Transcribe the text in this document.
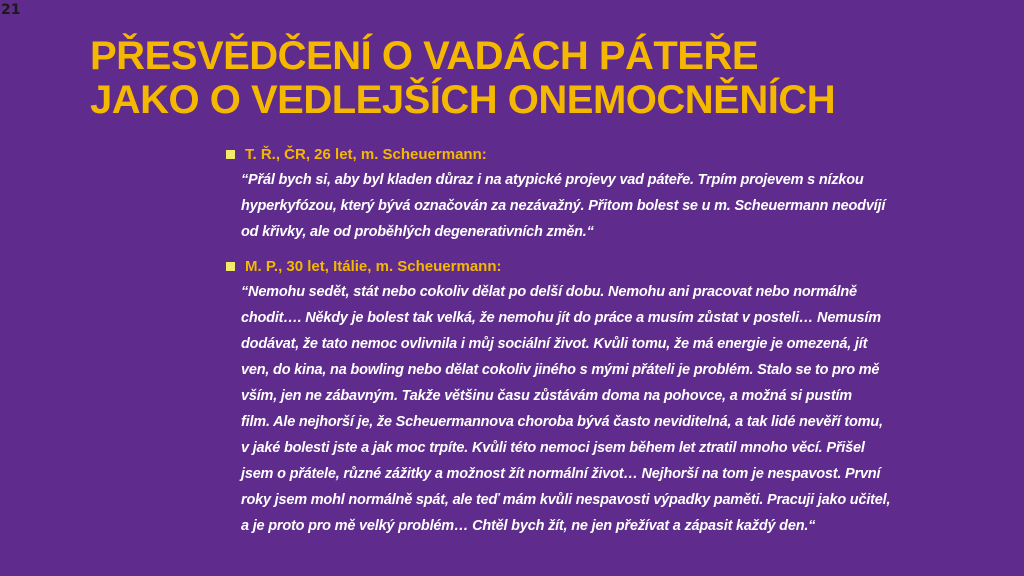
21
PŘESVĚDČENÍ O VADÁCH PÁTEŘE
JAKO O VEDLEJŠÍCH ONEMOCNĚNÍCH
T. Ř., ČR, 26 let, m. Scheuermann:

“Přál bych si, aby byl kladen důraz i na atypické projevy vad páteře. Trpím projevem s nízkou
hyperkyfózou, který bývá označován za nezávažný. Přitom bolest se u m. Scheuermann neodvíjí
od křivky, ale od proběhlých degenerativních změn.“

M. P., 30 let, Itálie, m. Scheuermann:

“Nemohu sedět, stát nebo cokoliv dělat po delší dobu. Nemohu ani pracovat nebo normálně
chodit…. Někdy je bolest tak velká, že nemohu jít do práce a musím zůstat v posteli… Nemusím
dodávat, že tato nemoc ovlivnila i můj sociální život. Kvůli tomu, že má energie je omezená, jít
ven, do kina, na bowling nebo dělat cokoliv jiného s mými přáteli je problém. Stalo se to pro mě
vším, jen ne zábavným. Takže většinu času zůstávám doma na pohovce, a možná si pustím
film. Ale nejhorší je, že Scheuermannova choroba bývá často neviditelná, a tak lidé nevěří tomu,
v jaké bolesti jste a jak moc trpíte. Kvůli této nemoci jsem během let ztratil mnoho věcí. Přišel
jsem o přátele, různé zážitky a možnost žít normální život… Nejhorší na tom je nespavost. První
roky jsem mohl normálně spát, ale teď mám kvůli nespavosti výpadky paměti. Pracuji jako učitel,
a je proto pro mě velký problém… Chtěl bych žít, ne jen přežívat a zápasit každý den.“
